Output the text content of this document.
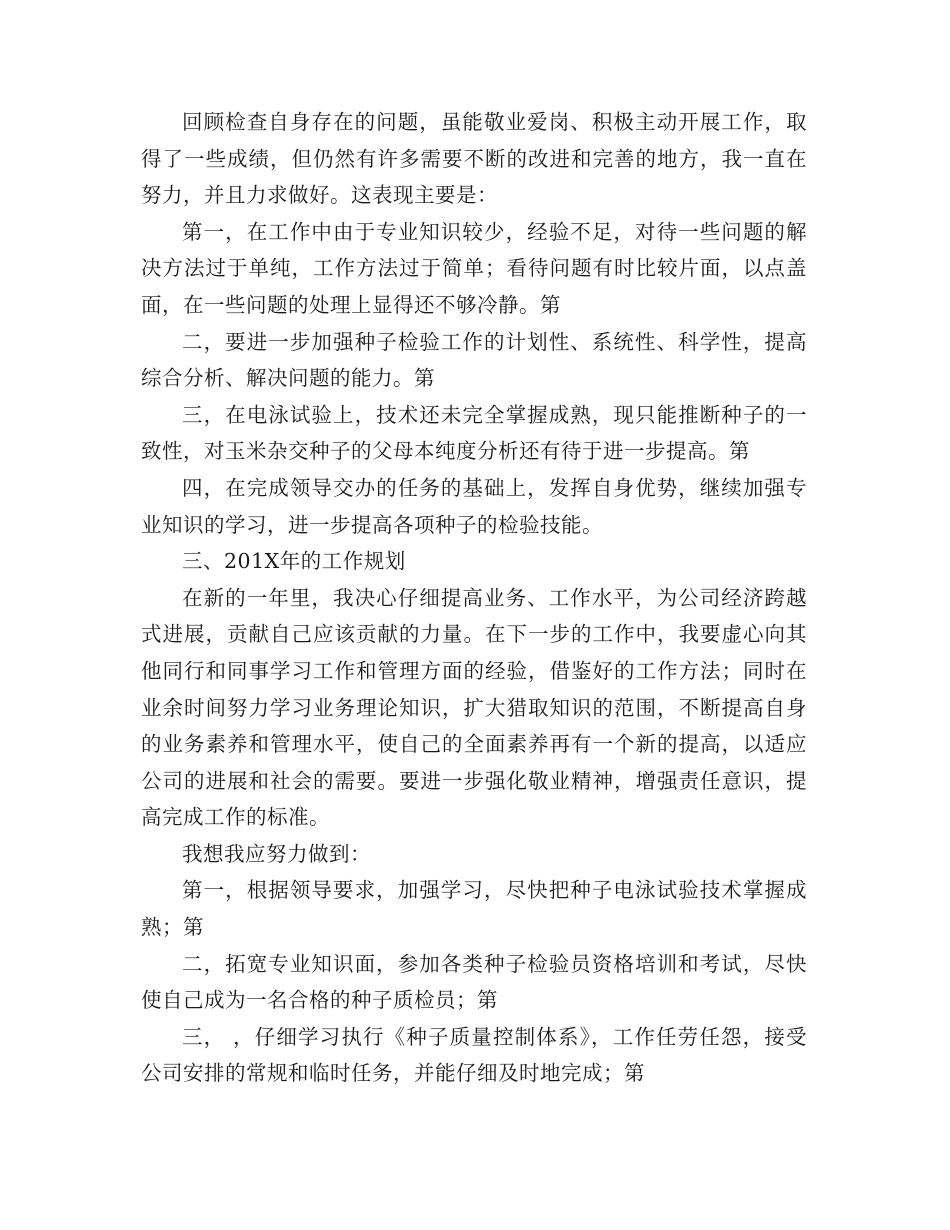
回顾检查自身存在的问题，虽能敬业爱岗、积极主动开展工作，取得了一些成绩，但仍然有许多需要不断的改进和完善的地方，我一直在努力，并且力求做好。这表现主要是：

第一，在工作中由于专业知识较少，经验不足，对待一些问题的解决方法过于单纯，工作方法过于简单；看待问题有时比较片面，以点盖面，在一些问题的处理上显得还不够冷静。第

二，要进一步加强种子检验工作的计划性、系统性、科学性，提高综合分析、解决问题的能力。第

三，在电泳试验上，技术还未完全掌握成熟，现只能推断种子的一致性，对玉米杂交种子的父母本纯度分析还有待于进一步提高。第

四，在完成领导交办的任务的基础上，发挥自身优势，继续加强专业知识的学习，进一步提高各项种子的检验技能。

三、201X年的工作规划

在新的一年里，我决心仔细提高业务、工作水平，为公司经济跨越式进展，贡献自己应该贡献的力量。在下一步的工作中，我要虚心向其他同行和同事学习工作和管理方面的经验，借鉴好的工作方法；同时在业余时间努力学习业务理论知识，扩大猎取知识的范围，不断提高自身的业务素养和管理水平，使自己的全面素养再有一个新的提高，以适应公司的进展和社会的需要。要进一步强化敬业精神，增强责任意识，提高完成工作的标准。

我想我应努力做到：

第一，根据领导要求，加强学习，尽快把种子电泳试验技术掌握成熟；第

二，拓宽专业知识面，参加各类种子检验员资格培训和考试，尽快使自己成为一名合格的种子质检员；第

三， ，仔细学习执行《种子质量控制体系》，工作任劳任怨，接受公司安排的常规和临时任务，并能仔细及时地完成；第
